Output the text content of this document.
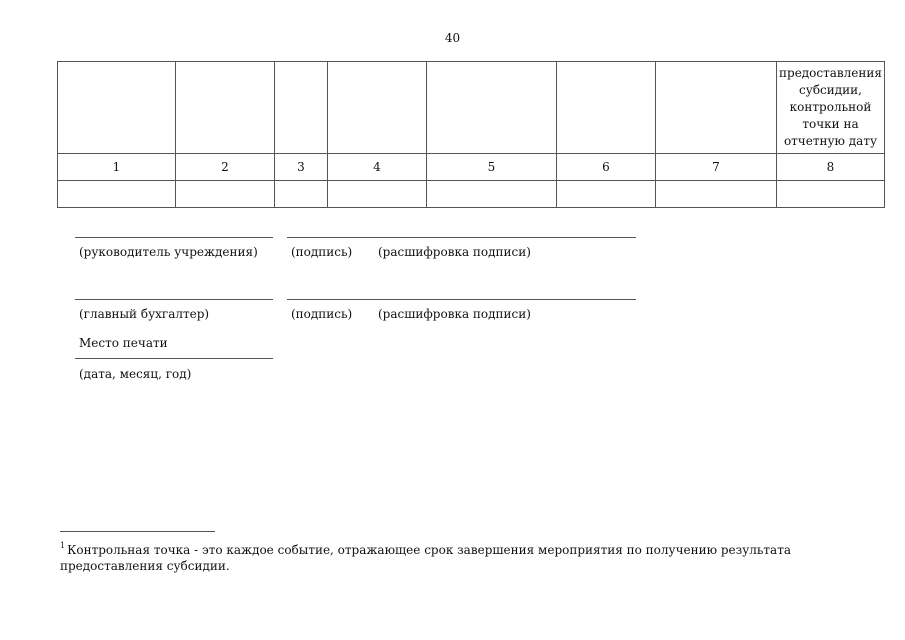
40

							предоставления субсидии, контрольной точки на отчетную дату

1	2	3	4	5	6	7	8

(руководитель учреждения)	(подпись) (расшифровка подписи)
(главный бухгалтер)	(подпись) (расшифровка подписи)
Место печати
(дата, месяц, год)
$^1$ Контрольная точка - это каждое событие, отражающее срок завершения мероприятия по получению результата предоставления субсидии.
